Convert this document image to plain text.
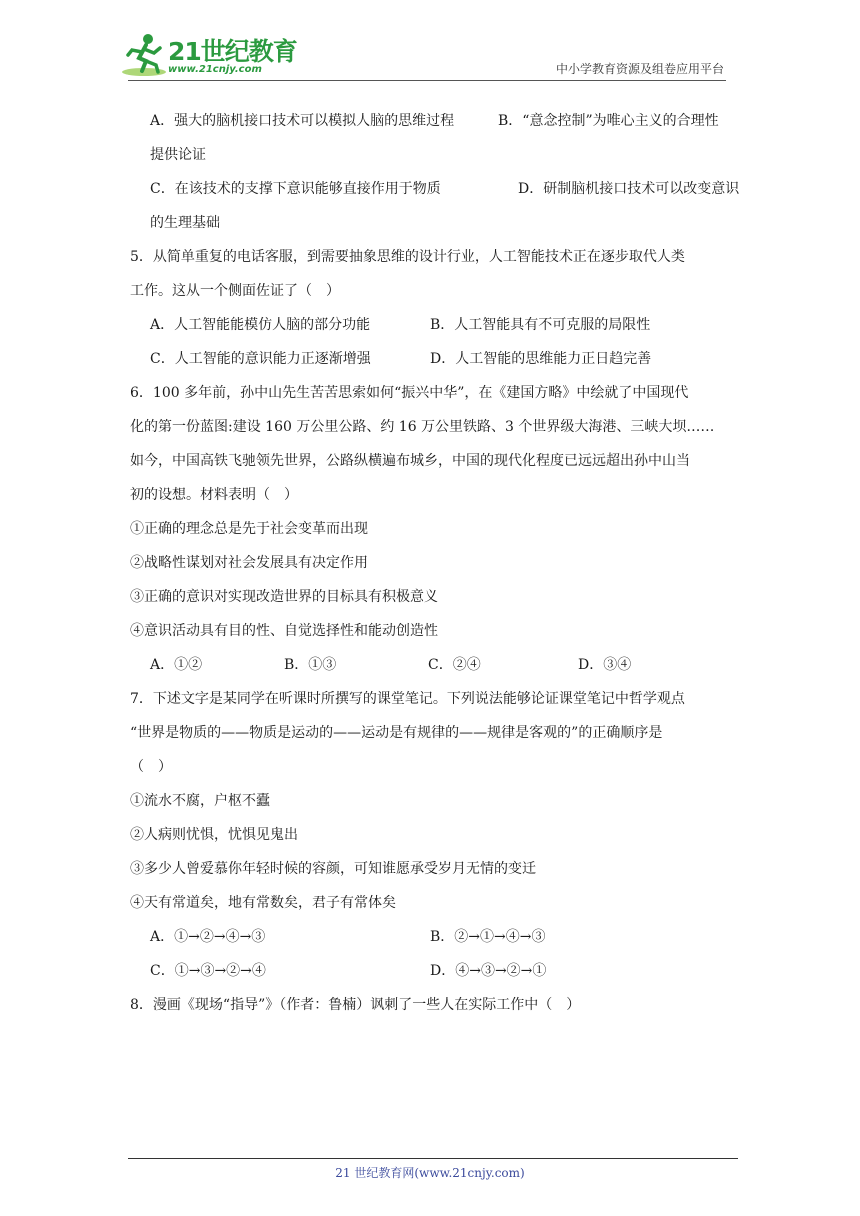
21世纪教育
www.21cnjy.com	中小学教育资源及组卷应用平台
A．强大的脑机接口技术可以模拟人脑的思维过程	B．“意念控制”为唯心主义的合理性

提供论证

C．在该技术的支撑下意识能够直接作用于物质	D．研制脑机接口技术可以改变意识

的生理基础

5．从简单重复的电话客服，到需要抽象思维的设计行业，人工智能技术正在逐步取代人类

工作。这从一个侧面佐证了（　）

A．人工智能能模仿人脑的部分功能	B．人工智能具有不可克服的局限性
C．人工智能的意识能力正逐渐增强	D．人工智能的思维能力正日趋完善

6．100 多年前，孙中山先生苦苦思索如何“振兴中华”，在《建国方略》中绘就了中国现代

化的第一份蓝图:建设 160 万公里公路、约 16 万公里铁路、3 个世界级大海港、三峡大坝……

如今，中国高铁飞驰领先世界，公路纵横遍布城乡，中国的现代化程度已远远超出孙中山当

初的设想。材料表明（　）

①正确的理念总是先于社会变革而出现

②战略性谋划对社会发展具有决定作用

③正确的意识对实现改造世界的目标具有积极意义

④意识活动具有目的性、自觉选择性和能动创造性

A．①②	B．①③	C．②④	D．③④

7．下述文字是某同学在听课时所撰写的课堂笔记。下列说法能够论证课堂笔记中哲学观点

“世界是物质的——物质是运动的——运动是有规律的——规律是客观的”的正确顺序是

（　）

①流水不腐，户枢不蠹

②人病则忧惧，忧惧见鬼出

③多少人曾爱慕你年轻时候的容颜，可知谁愿承受岁月无情的变迁

④天有常道矣，地有常数矣，君子有常体矣

A．①→②→④→③	B．②→①→④→③
C．①→③→②→④	D．④→③→②→①

8．漫画《现场“指导”》（作者：鲁楠）讽刺了一些人在实际工作中（　）

21 世纪教育网(www.21cnjy.com)
